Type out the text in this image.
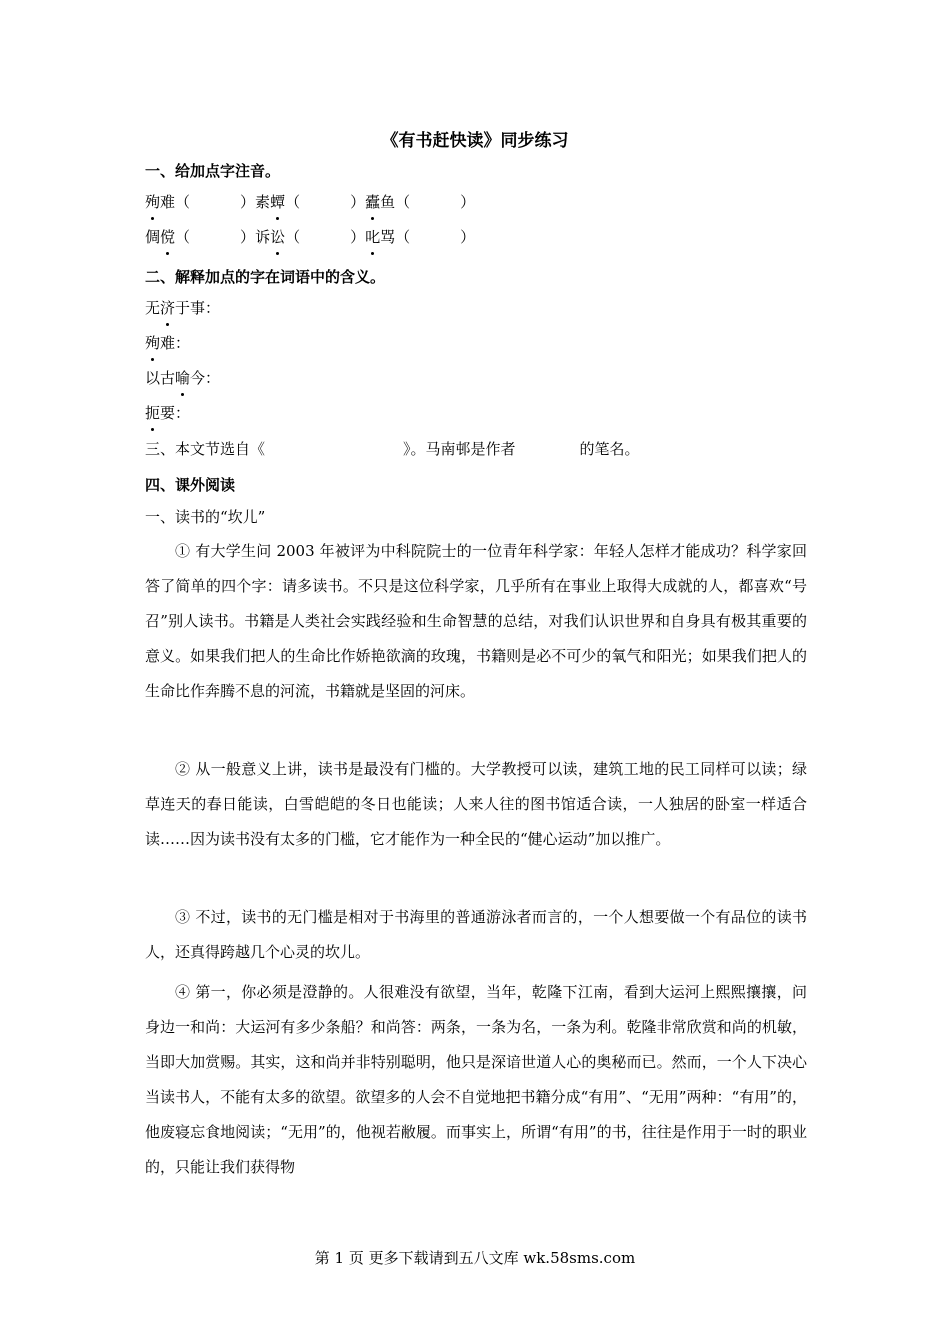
《有书赶快读》同步练习
一、给加点字注音。
殉难（	）素蟫（	）蠹鱼（	）
倜傥（	）诉讼（	）叱骂（	）
二、解释加点的字在词语中的含义。
无济于事：
殉难：
以古喻今：
扼要：
三、本文节选自《	》。马南邨是作者	的笔名。
四、课外阅读
一、读书的“坎儿”
① 有大学生问 2003 年被评为中科院院士的一位青年科学家：年轻人怎样才能成功？科学家回答了简单的四个字：请多读书。不只是这位科学家，几乎所有在事业上取得大成就的人，都喜欢“号召”别人读书。书籍是人类社会实践经验和生命智慧的总结，对我们认识世界和自身具有极其重要的意义。如果我们把人的生命比作娇艳欲滴的玫瑰，书籍则是必不可少的氧气和阳光；如果我们把人的生命比作奔腾不息的河流，书籍就是坚固的河床。
② 从一般意义上讲，读书是最没有门槛的。大学教授可以读，建筑工地的民工同样可以读；绿草连天的春日能读，白雪皑皑的冬日也能读；人来人往的图书馆适合读，一人独居的卧室一样适合读……因为读书没有太多的门槛，它才能作为一种全民的“健心运动”加以推广。
③ 不过，读书的无门槛是相对于书海里的普通游泳者而言的，一个人想要做一个有品位的读书人，还真得跨越几个心灵的坎儿。
④ 第一，你必须是澄静的。人很难没有欲望，当年，乾隆下江南，看到大运河上熙熙攘攘，问身边一和尚：大运河有多少条船？和尚答：两条，一条为名，一条为利。乾隆非常欣赏和尚的机敏，当即大加赏赐。其实，这和尚并非特别聪明，他只是深谙世道人心的奥秘而已。然而，一个人下决心当读书人，不能有太多的欲望。欲望多的人会不自觉地把书籍分成“有用”、“无用”两种：“有用”的，他废寝忘食地阅读；“无用”的，他视若敝履。而事实上，所谓“有用”的书，往往是作用于一时的职业的，只能让我们获得物
第 1 页 更多下载请到五八文库 wk.58sms.com
